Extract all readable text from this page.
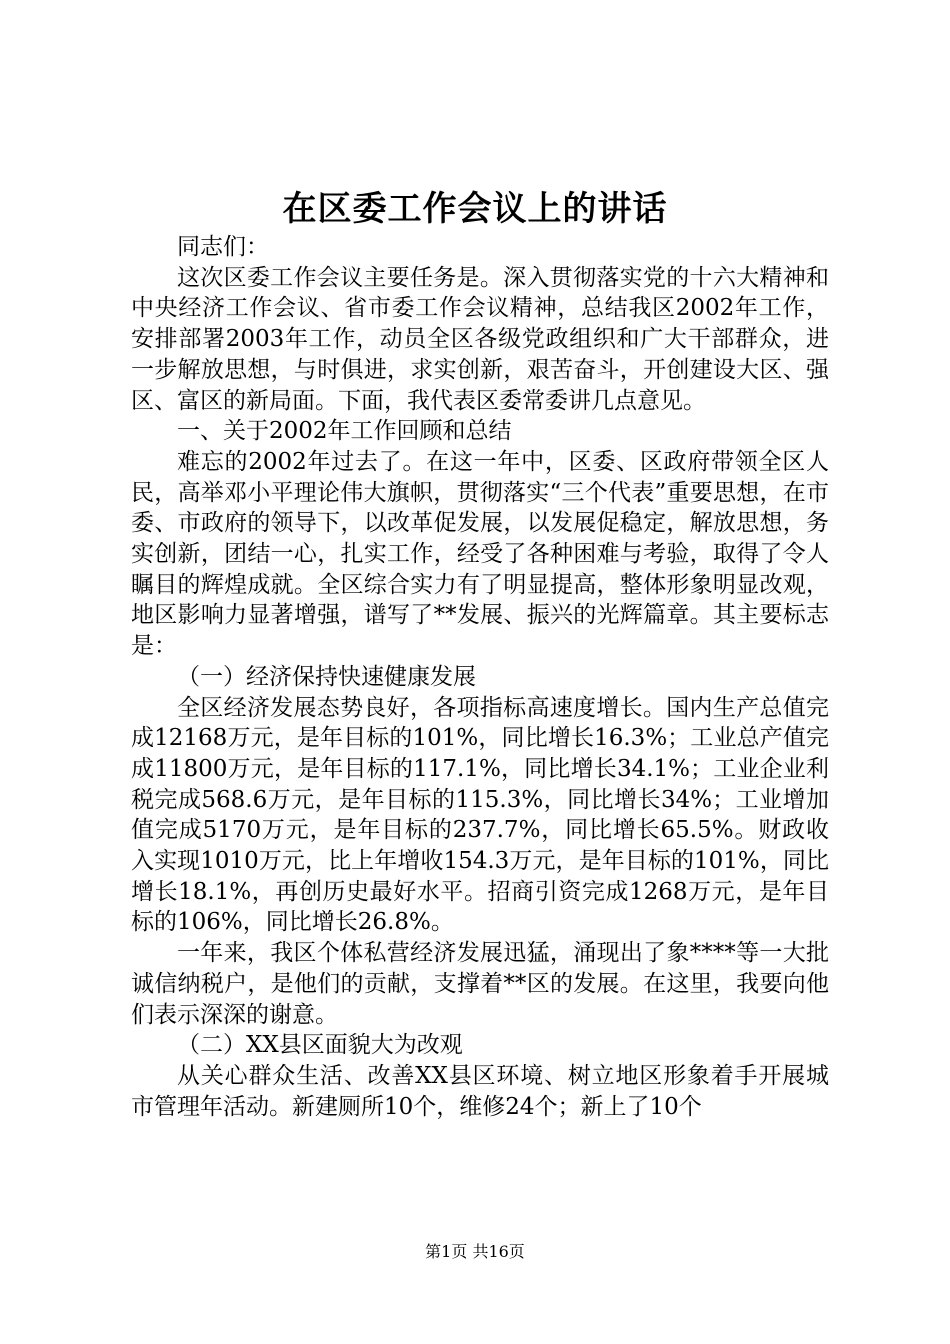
在区委工作会议上的讲话

同志们：

这次区委工作会议主要任务是。深入贯彻落实党的十六大精神和中央经济工作会议、省市委工作会议精神，总结我区2002年工作，安排部署2003年工作，动员全区各级党政组织和广大干部群众，进一步解放思想，与时俱进，求实创新，艰苦奋斗，开创建设大区、强区、富区的新局面。下面，我代表区委常委讲几点意见。

一、关于2002年工作回顾和总结

难忘的2002年过去了。在这一年中，区委、区政府带领全区人民，高举邓小平理论伟大旗帜，贯彻落实“三个代表”重要思想，在市委、市政府的领导下，以改革促发展，以发展促稳定，解放思想，务实创新，团结一心，扎实工作，经受了各种困难与考验，取得了令人瞩目的辉煌成就。全区综合实力有了明显提高，整体形象明显改观，地区影响力显著增强，谱写了**发展、振兴的光辉篇章。其主要标志是：

（一）经济保持快速健康发展

全区经济发展态势良好，各项指标高速度增长。国内生产总值完成12168万元，是年目标的101%，同比增长16.3%；工业总产值完成11800万元，是年目标的117.1%，同比增长34.1%；工业企业利税完成568.6万元，是年目标的115.3%，同比增长34%；工业增加值完成5170万元，是年目标的237.7%，同比增长65.5%。财政收入实现1010万元，比上年增收154.3万元，是年目标的101%，同比增长18.1%，再创历史最好水平。招商引资完成1268万元，是年目标的106%，同比增长26.8%。

一年来，我区个体私营经济发展迅猛，涌现出了象****等一大批诚信纳税户，是他们的贡献，支撑着**区的发展。在这里，我要向他们表示深深的谢意。

（二）XX县区面貌大为改观

从关心群众生活、改善XX县区环境、树立地区形象着手开展城市管理年活动。新建厕所10个，维修24个；新上了10个

第1页 共16页
